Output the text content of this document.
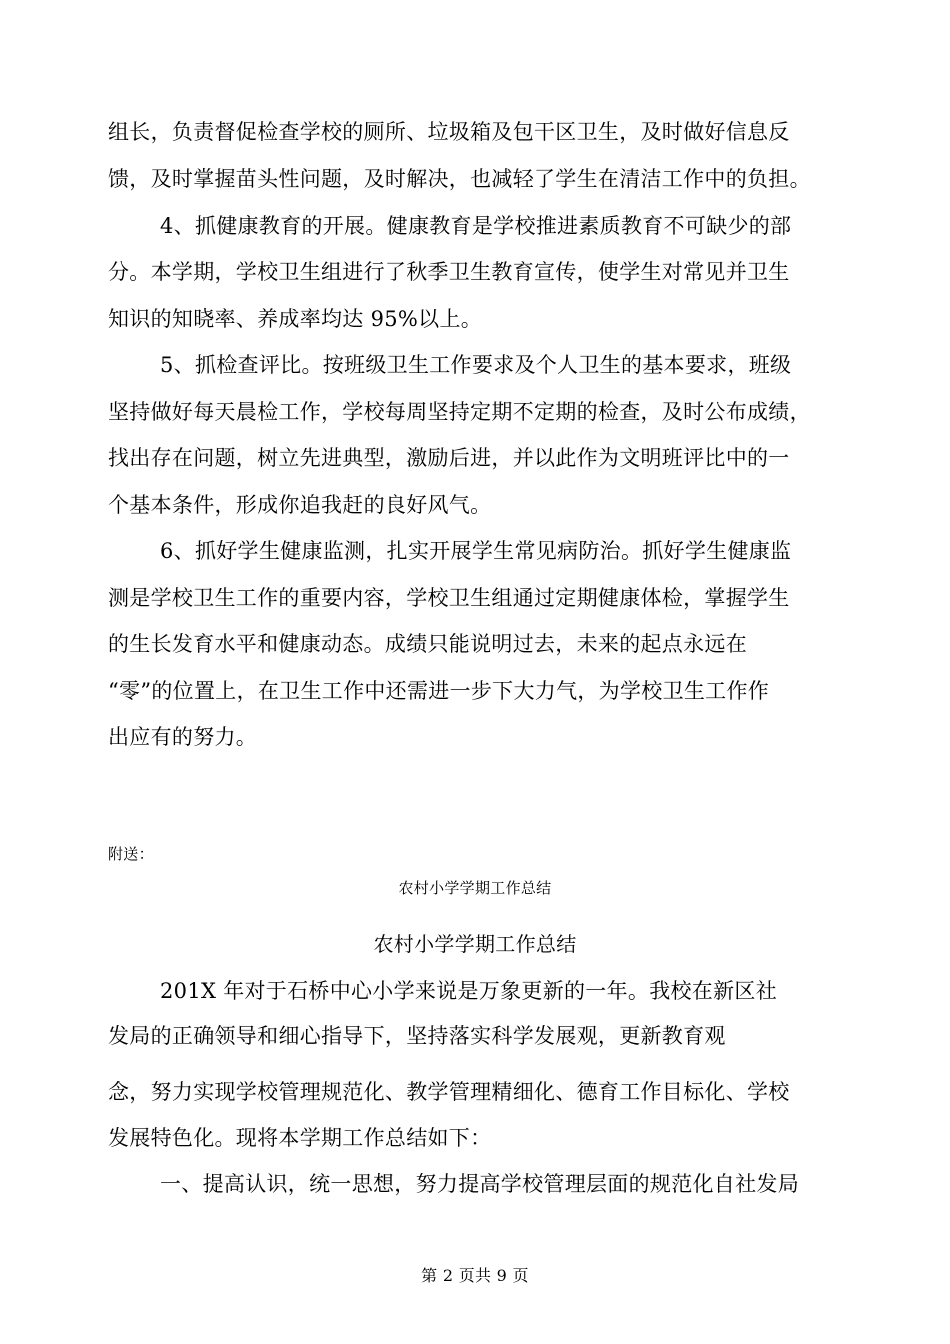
组长，负责督促检查学校的厕所、垃圾箱及包干区卫生，及时做好信息反
馈，及时掌握苗头性问题，及时解决，也减轻了学生在清洁工作中的负担。
4、抓健康教育的开展。健康教育是学校推进素质教育不可缺少的部
分。本学期，学校卫生组进行了秋季卫生教育宣传，使学生对常见并卫生
知识的知晓率、养成率均达 95%以上。
5、抓检查评比。按班级卫生工作要求及个人卫生的基本要求，班级
坚持做好每天晨检工作，学校每周坚持定期不定期的检查，及时公布成绩，
找出存在问题，树立先进典型，激励后进，并以此作为文明班评比中的一
个基本条件，形成你追我赶的良好风气。
6、抓好学生健康监测，扎实开展学生常见病防治。抓好学生健康监
测是学校卫生工作的重要内容，学校卫生组通过定期健康体检，掌握学生
的生长发育水平和健康动态。成绩只能说明过去，未来的起点永远在
“零”的位置上，在卫生工作中还需进一步下大力气，为学校卫生工作作
出应有的努力。
附送：
农村小学学期工作总结
农村小学学期工作总结
201X 年对于石桥中心小学来说是万象更新的一年。我校在新区社
发局的正确领导和细心指导下，坚持落实科学发展观，更新教育观
念，努力实现学校管理规范化、教学管理精细化、德育工作目标化、学校
发展特色化。现将本学期工作总结如下：
一、提高认识，统一思想，努力提高学校管理层面的规范化自社发局
第 2 页共 9 页
